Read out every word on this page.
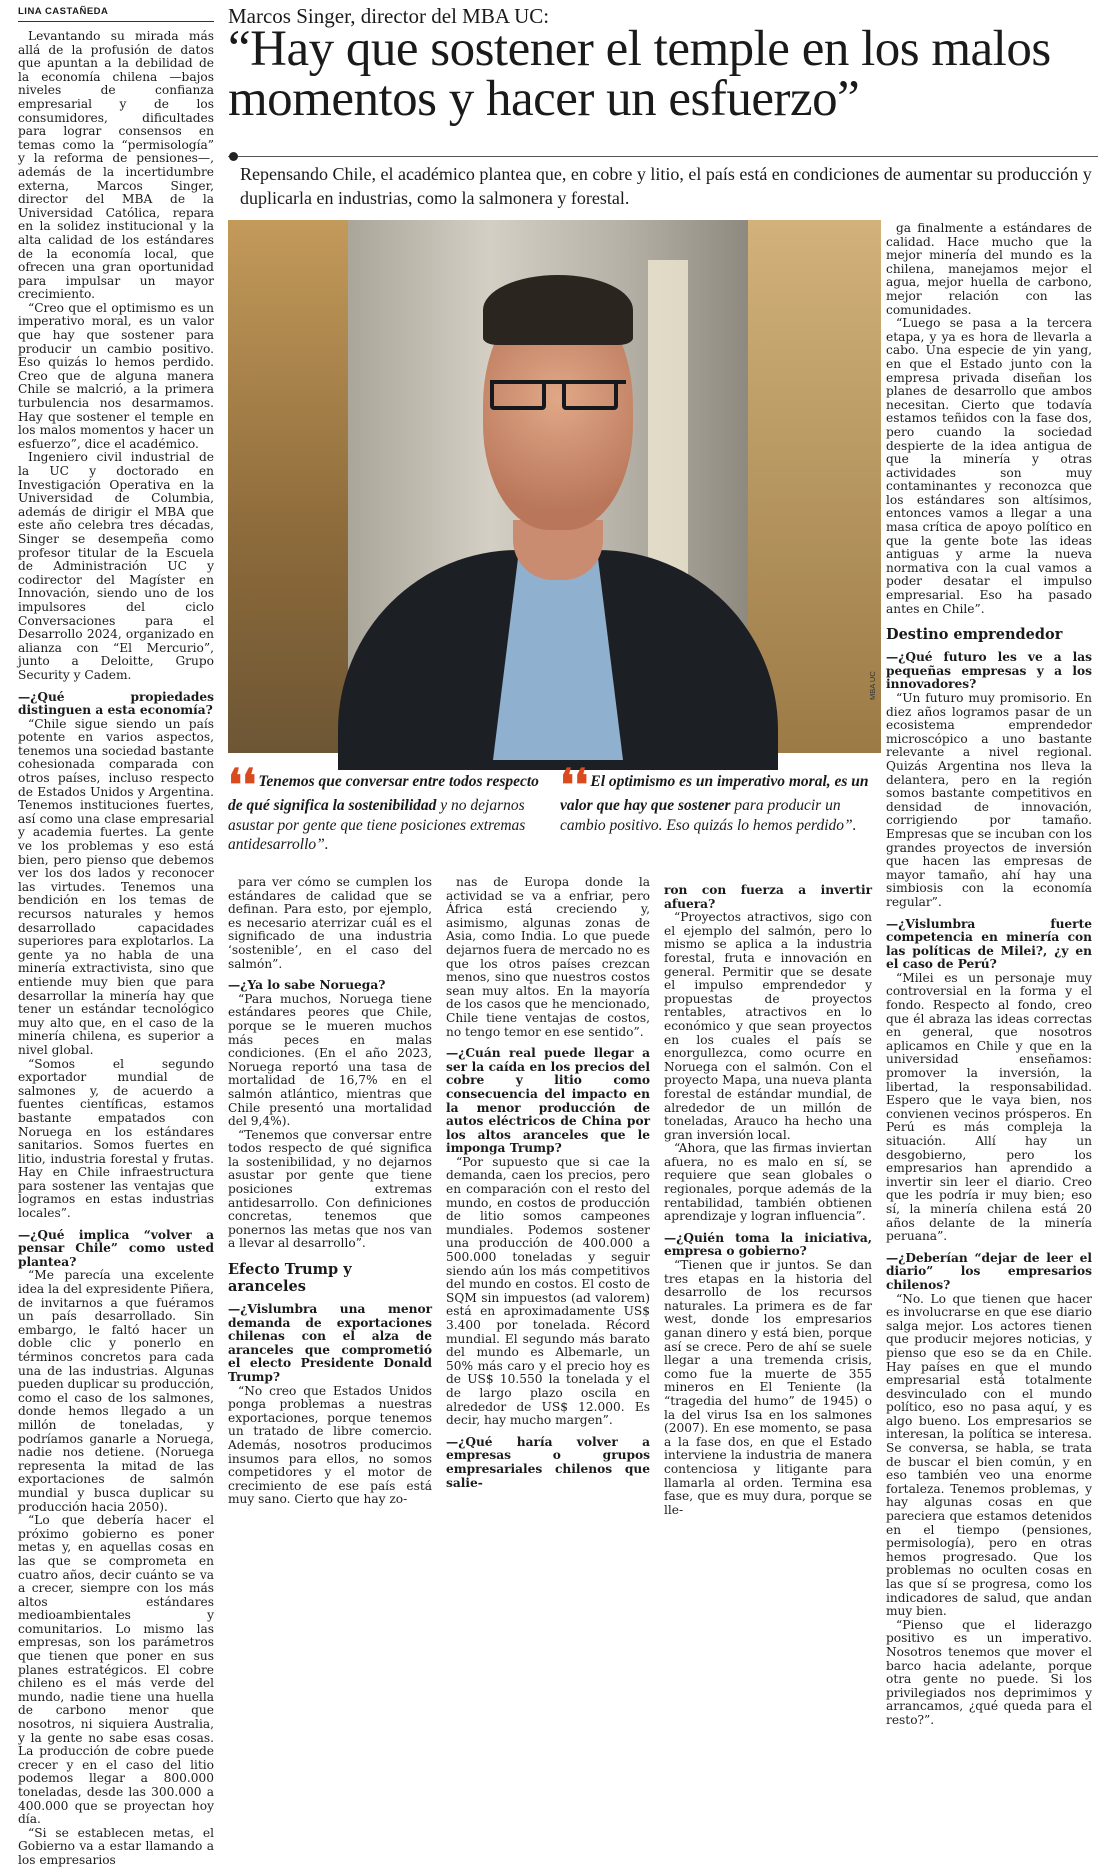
LINA CASTAÑEDA	Marcos Singer, director del MBA UC:
“Hay que sostener el temple en los malos momentos y hacer un esfuerzo”
Repensando Chile, el académico plantea que, en cobre y litio, el país está en condiciones de aumentar su producción y duplicarla en industrias, como la salmonera y forestal.
MBA UC
❛❛ Tenemos que conversar entre todos respecto de qué significa la sostenibilidad y no dejarnos asustar por gente que tiene posiciones extremas antidesarrollo”.
❛❛ El optimismo es un imperativo moral, es un valor que hay que sostener para producir un cambio positivo. Eso quizás lo hemos perdido”.

Levantando su mirada más allá de la profusión de datos que apuntan a la debilidad de la economía chilena —bajos niveles de confianza empresarial y de los consumidores, dificultades para lograr consensos en temas como la “permisología” y la reforma de pensiones—, además de la incertidumbre externa, Marcos Singer, director del MBA de la Universidad Católica, repara en la solidez institucional y la alta calidad de los estándares de la economía local, que ofrecen una gran oportunidad para impulsar un mayor crecimiento.

“Creo que el optimismo es un imperativo moral, es un valor que hay que sostener para producir un cambio positivo. Eso quizás lo hemos perdido. Creo que de alguna manera Chile se malcrió, a la primera turbulencia nos desarmamos. Hay que sostener el temple en los malos momentos y hacer un esfuerzo”, dice el académico.

Ingeniero civil industrial de la UC y doctorado en Investigación Operativa en la Universidad de Columbia, además de dirigir el MBA que este año celebra tres décadas, Singer se desempeña como profesor titular de la Escuela de Administración UC y codirector del Magíster en Innovación, siendo uno de los impulsores del ciclo Conversaciones para el Desarrollo 2024, organizado en alianza con “El Mercurio”, junto a Deloitte, Grupo Security y Cadem.

—¿Qué propiedades distinguen a esta economía?

“Chile sigue siendo un país potente en varios aspectos, tenemos una sociedad bastante cohesionada comparada con otros países, incluso respecto de Estados Unidos y Argentina. Tenemos instituciones fuertes, así como una clase empresarial y academia fuertes. La gente ve los problemas y eso está bien, pero pienso que debemos ver los dos lados y reconocer las virtudes. Tenemos una bendición en los temas de recursos naturales y hemos desarrollado capacidades superiores para explotarlos. La gente ya no habla de una minería extractivista, sino que entiende muy bien que para desarrollar la minería hay que tener un estándar tecnológico muy alto que, en el caso de la minería chilena, es superior a nivel global.

“Somos el segundo exportador mundial de salmones y, de acuerdo a fuentes científicas, estamos bastante empatados con Noruega en los estándares sanitarios. Somos fuertes en litio, industria forestal y frutas. Hay en Chile infraestructura para sostener las ventajas que logramos en estas industrias locales”.

—¿Qué implica “volver a pensar Chile” como usted plantea?

“Me parecía una excelente idea la del expresidente Piñera, de invitarnos a que fuéramos un país desarrollado. Sin embargo, le faltó hacer un doble clic y ponerlo en términos concretos para cada una de las industrias. Algunas pueden duplicar su producción, como el caso de los salmones, donde hemos llegado a un millón de toneladas, y podríamos ganarle a Noruega, nadie nos detiene. (Noruega representa la mitad de las exportaciones de salmón mundial y busca duplicar su producción hacia 2050).

“Lo que debería hacer el próximo gobierno es poner metas y, en aquellas cosas en las que se comprometa en cuatro años, decir cuánto se va a crecer, siempre con los más altos estándares medioambientales y comunitarios. Lo mismo las empresas, son los parámetros que tienen que poner en sus planes estratégicos. El cobre chileno es el más verde del mundo, nadie tiene una huella de carbono menor que nosotros, ni siquiera Australia, y la gente no sabe esas cosas. La producción de cobre puede crecer y en el caso del litio podemos llegar a 800.000 toneladas, desde las 300.000 a 400.000 que se proyectan hoy día.

“Si se establecen metas, el Gobierno va a estar llamando a los empresarios

para ver cómo se cumplen los estándares de calidad que se definan. Para esto, por ejemplo, es necesario aterrizar cuál es el significado de una industria ‘sostenible’, en el caso del salmón”.

—¿Ya lo sabe Noruega?

“Para muchos, Noruega tiene estándares peores que Chile, porque se le mueren muchos más peces en malas condiciones. (En el año 2023, Noruega reportó una tasa de mortalidad de 16,7% en el salmón atlántico, mientras que Chile presentó una mortalidad del 9,4%).

“Tenemos que conversar entre todos respecto de qué significa la sostenibilidad, y no dejarnos asustar por gente que tiene posiciones extremas antidesarrollo. Con definiciones concretas, tenemos que ponernos las metas que nos van a llevar al desarrollo”.

Efecto Trump y aranceles

—¿Vislumbra una menor demanda de exportaciones chilenas con el alza de aranceles que comprometió el electo Presidente Donald Trump?

“No creo que Estados Unidos ponga problemas a nuestras exportaciones, porque tenemos un tratado de libre comercio. Además, nosotros producimos insumos para ellos, no somos competidores y el motor de crecimiento de ese país está muy sano. Cierto que hay zo-

nas de Europa donde la actividad se va a enfriar, pero África está creciendo y, asimismo, algunas zonas de Asia, como India. Lo que puede dejarnos fuera de mercado no es que los otros países crezcan menos, sino que nuestros costos sean muy altos. En la mayoría de los casos que he mencionado, Chile tiene ventajas de costos, no tengo temor en ese sentido”.

—¿Cuán real puede llegar a ser la caída en los precios del cobre y litio como consecuencia del impacto en la menor producción de autos eléctricos de China por los altos aranceles que le imponga Trump?

“Por supuesto que si cae la demanda, caen los precios, pero en comparación con el resto del mundo, en costos de producción de litio somos campeones mundiales. Podemos sostener una producción de 400.000 a 500.000 toneladas y seguir siendo aún los más competitivos del mundo en costos. El costo de SQM sin impuestos (ad valorem) está en aproximadamente US$ 3.400 por tonelada. Récord mundial. El segundo más barato del mundo es Albemarle, un 50% más caro y el precio hoy es de US$ 10.550 la tonelada y el de largo plazo oscila en alrededor de US$ 12.000. Es decir, hay mucho margen”.

—¿Qué haría volver a empresas o grupos empresariales chilenos que salie-

ron con fuerza a invertir afuera?

“Proyectos atractivos, sigo con el ejemplo del salmón, pero lo mismo se aplica a la industria forestal, fruta e innovación en general. Permitir que se desate el impulso emprendedor y propuestas de proyectos rentables, atractivos en lo económico y que sean proyectos en los cuales el país se enorgullezca, como ocurre en Noruega con el salmón. Con el proyecto Mapa, una nueva planta forestal de estándar mundial, de alrededor de un millón de toneladas, Arauco ha hecho una gran inversión local.

“Ahora, que las firmas inviertan afuera, no es malo en sí, se requiere que sean globales o regionales, porque además de la rentabilidad, también obtienen aprendizaje y logran influencia”.

—¿Quién toma la iniciativa, empresa o gobierno?

“Tienen que ir juntos. Se dan tres etapas en la historia del desarrollo de los recursos naturales. La primera es de far west, donde los empresarios ganan dinero y está bien, porque así se crece. Pero de ahí se suele llegar a una tremenda crisis, como fue la muerte de 355 mineros en El Teniente (la “tragedia del humo” de 1945) o la del virus Isa en los salmones (2007). En ese momento, se pasa a la fase dos, en que el Estado interviene la industria de manera contenciosa y litigante para llamarla al orden. Termina esa fase, que es muy dura, porque se lle-

ga finalmente a estándares de calidad. Hace mucho que la mejor minería del mundo es la chilena, manejamos mejor el agua, mejor huella de carbono, mejor relación con las comunidades.

“Luego se pasa a la tercera etapa, y ya es hora de llevarla a cabo. Una especie de yin yang, en que el Estado junto con la empresa privada diseñan los planes de desarrollo que ambos necesitan. Cierto que todavía estamos teñidos con la fase dos, pero cuando la sociedad despierte de la idea antigua de que la minería y otras actividades son muy contaminantes y reconozca que los estándares son altísimos, entonces vamos a llegar a una masa crítica de apoyo político en que la gente bote las ideas antiguas y arme la nueva normativa con la cual vamos a poder desatar el impulso empresarial. Eso ha pasado antes en Chile”.

Destino emprendedor

—¿Qué futuro les ve a las pequeñas empresas y a los innovadores?

“Un futuro muy promisorio. En diez años logramos pasar de un ecosistema emprendedor microscópico a uno bastante relevante a nivel regional. Quizás Argentina nos lleva la delantera, pero en la región somos bastante competitivos en densidad de innovación, corrigiendo por tamaño. Empresas que se incuban con los grandes proyectos de inversión que hacen las empresas de mayor tamaño, ahí hay una simbiosis con la economía regular”.

—¿Vislumbra fuerte competencia en minería con las políticas de Milei?, ¿y en el caso de Perú?

“Milei es un personaje muy controversial en la forma y el fondo. Respecto al fondo, creo que él abraza las ideas correctas en general, que nosotros aplicamos en Chile y que en la universidad enseñamos: promover la inversión, la libertad, la responsabilidad. Espero que le vaya bien, nos convienen vecinos prósperos. En Perú es más compleja la situación. Allí hay un desgobierno, pero los empresarios han aprendido a invertir sin leer el diario. Creo que les podría ir muy bien; eso sí, la minería chilena está 20 años delante de la minería peruana”.

—¿Deberían “dejar de leer el diario” los empresarios chilenos?

“No. Lo que tienen que hacer es involucrarse en que ese diario salga mejor. Los actores tienen que producir mejores noticias, y pienso que eso se da en Chile. Hay países en que el mundo empresarial está totalmente desvinculado con el mundo político, eso no pasa aquí, y es algo bueno. Los empresarios se interesan, la política se interesa. Se conversa, se habla, se trata de buscar el bien común, y en eso también veo una enorme fortaleza. Tenemos problemas, y hay algunas cosas en que pareciera que estamos detenidos en el tiempo (pensiones, permisología), pero en otras hemos progresado. Que los problemas no oculten cosas en las que sí se progresa, como los indicadores de salud, que andan muy bien.

“Pienso que el liderazgo positivo es un imperativo. Nosotros tenemos que mover el barco hacia adelante, porque otra gente no puede. Si los privilegiados nos deprimimos y arrancamos, ¿qué queda para el resto?”.
